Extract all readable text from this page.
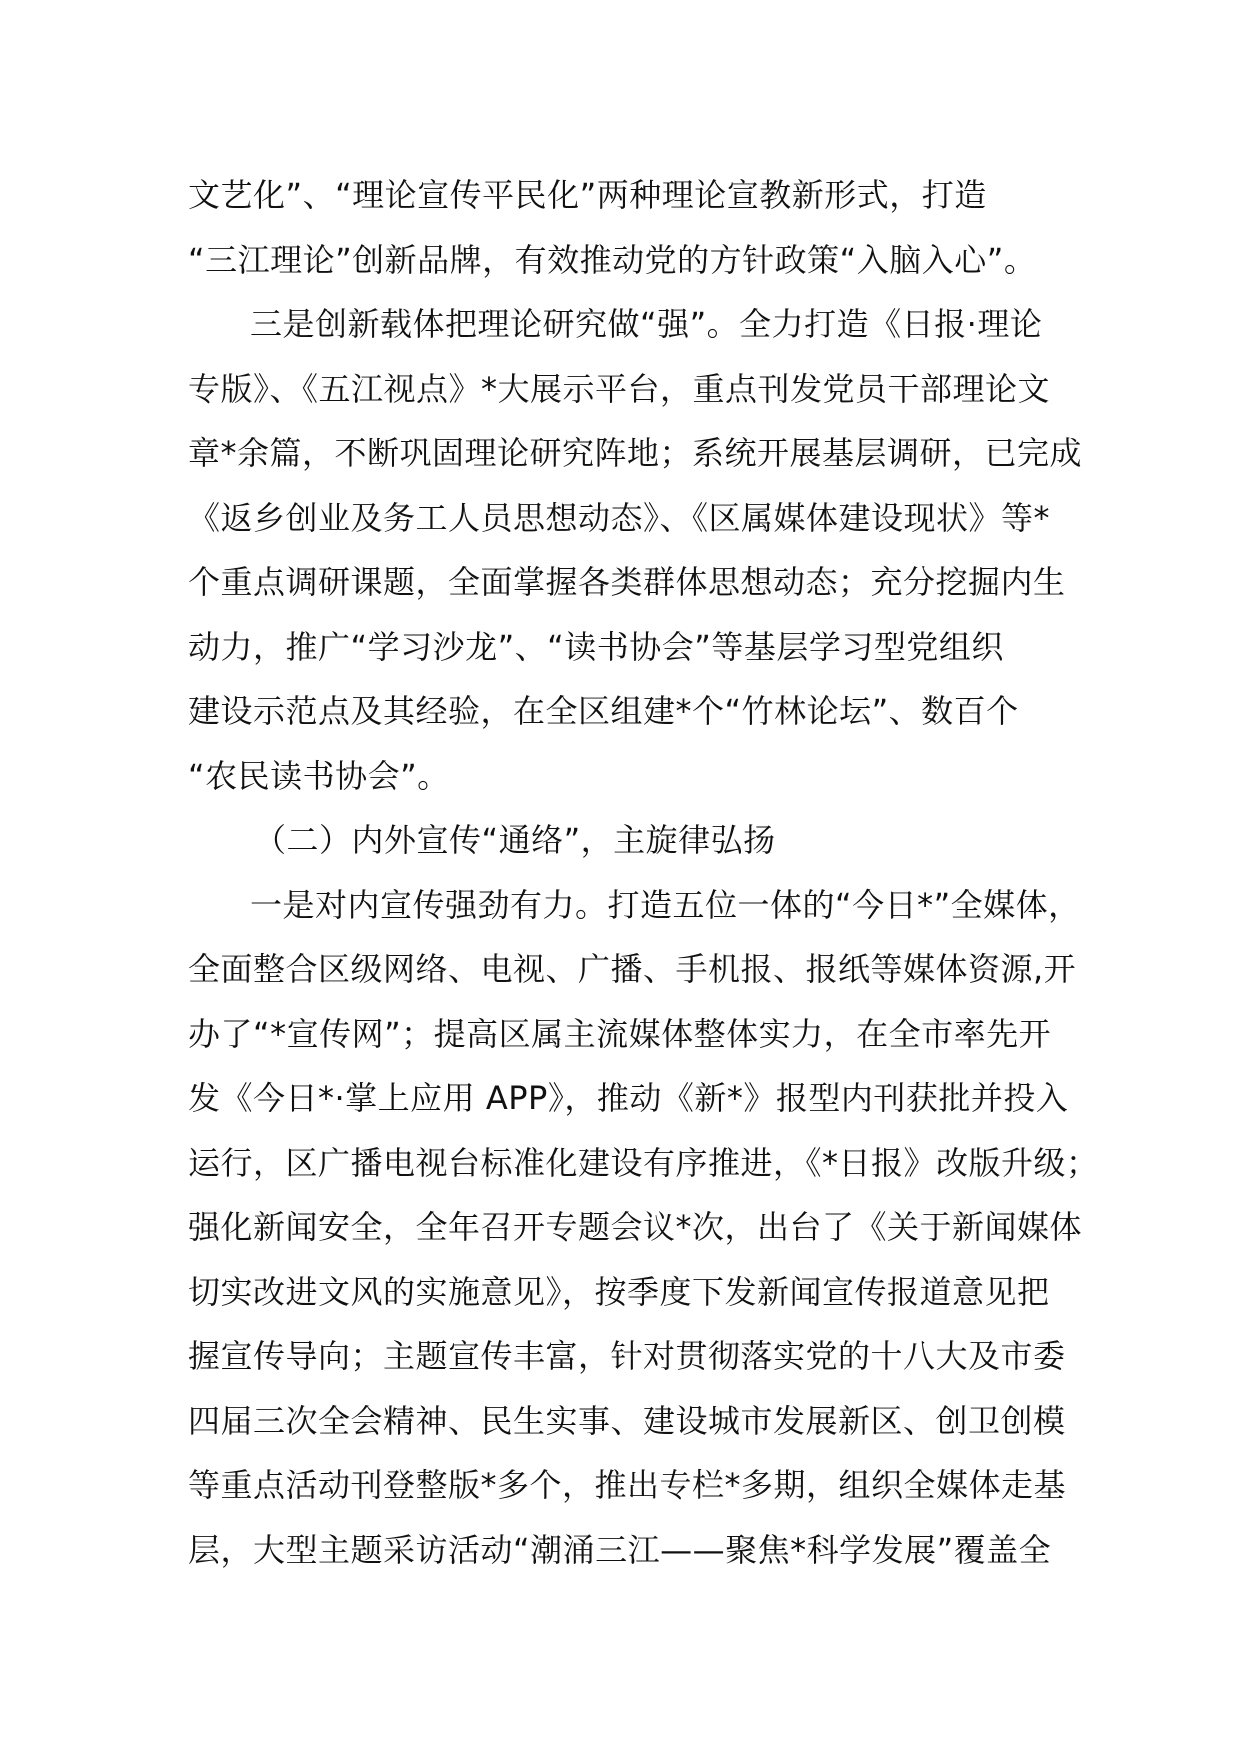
文艺化”、“理论宣传平民化”两种理论宣教新形式，打造
“三江理论”创新品牌，有效推动党的方针政策“入脑入心”。
三是创新载体把理论研究做“强”。全力打造《日报·理论
专版》、《五江视点》*大展示平台，重点刊发党员干部理论文
章*余篇，不断巩固理论研究阵地；系统开展基层调研，已完成
《返乡创业及务工人员思想动态》、《区属媒体建设现状》等*
个重点调研课题，全面掌握各类群体思想动态；充分挖掘内生
动力，推广“学习沙龙”、“读书协会”等基层学习型党组织
建设示范点及其经验，在全区组建*个“竹林论坛”、数百个
“农民读书协会”。
（二）内外宣传“通络”，主旋律弘扬
一是对内宣传强劲有力。打造五位一体的“今日*”全媒体，
全面整合区级网络、电视、广播、手机报、报纸等媒体资源,开
办了“*宣传网”；提高区属主流媒体整体实力，在全市率先开
发《今日*·掌上应用 APP》，推动《新*》报型内刊获批并投入
运行，区广播电视台标准化建设有序推进，《*日报》改版升级；
强化新闻安全，全年召开专题会议*次，出台了《关于新闻媒体
切实改进文风的实施意见》，按季度下发新闻宣传报道意见把
握宣传导向；主题宣传丰富，针对贯彻落实党的十八大及市委
四届三次全会精神、民生实事、建设城市发展新区、创卫创模
等重点活动刊登整版*多个，推出专栏*多期，组织全媒体走基
层，大型主题采访活动“潮涌三江——聚焦*科学发展”覆盖全
